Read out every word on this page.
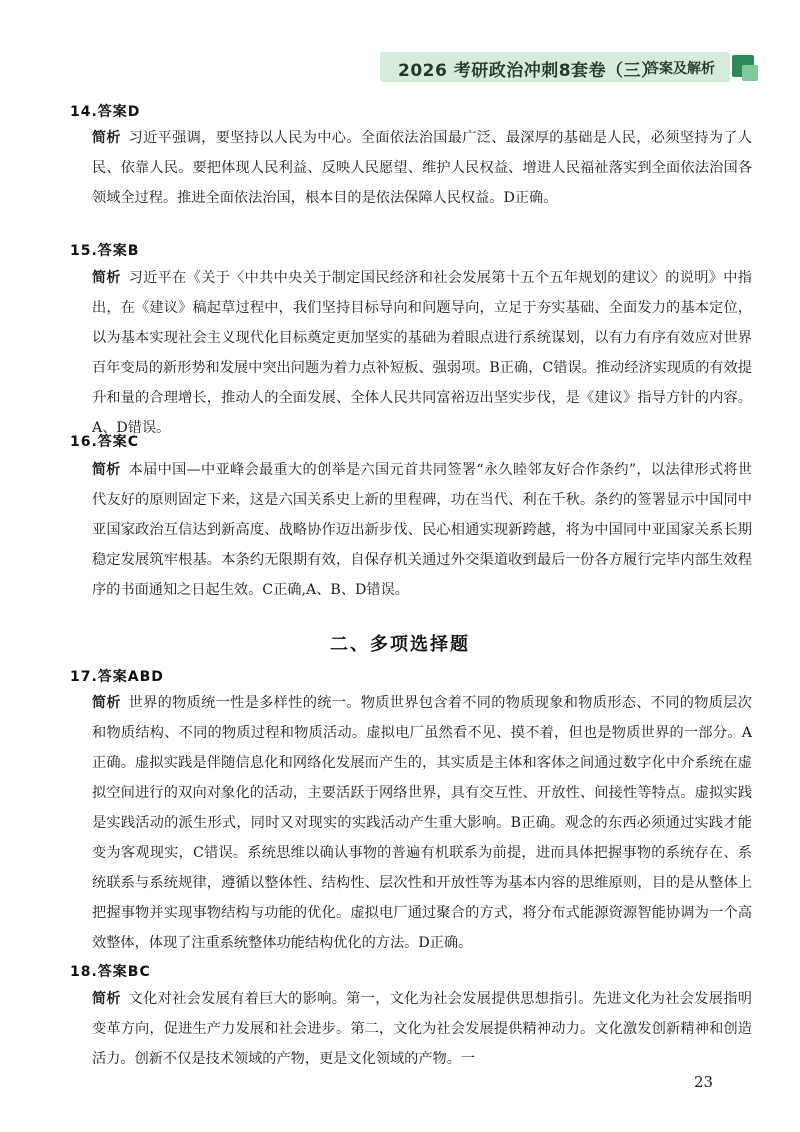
2026 考研政治冲刺8套卷（三）
答案及解析
14.答案D
简析 习近平强调，要坚持以人民为中心。全面依法治国最广泛、最深厚的基础是人民，必须坚持为了人民、依靠人民。要把体现人民利益、反映人民愿望、维护人民权益、增进人民福祉落实到全面依法治国各领域全过程。推进全面依法治国，根本目的是依法保障人民权益。D正确。
15.答案B
简析 习近平在《关于〈中共中央关于制定国民经济和社会发展第十五个五年规划的建议〉的说明》中指出，在《建议》稿起草过程中，我们坚持目标导向和问题导向，立足于夯实基础、全面发力的基本定位，以为基本实现社会主义现代化目标奠定更加坚实的基础为着眼点进行系统谋划，以有力有序有效应对世界百年变局的新形势和发展中突出问题为着力点补短板、强弱项。B正确，C错误。推动经济实现质的有效提升和量的合理增长，推动人的全面发展、全体人民共同富裕迈出坚实步伐，是《建议》指导方针的内容。A、D错误。
16.答案C
简析 本届中国—中亚峰会最重大的创举是六国元首共同签署“永久睦邻友好合作条约”，以法律形式将世代友好的原则固定下来，这是六国关系史上新的里程碑，功在当代、利在千秋。条约的签署显示中国同中亚国家政治互信达到新高度、战略协作迈出新步伐、民心相通实现新跨越，将为中国同中亚国家关系长期稳定发展筑牢根基。本条约无限期有效，自保存机关通过外交渠道收到最后一份各方履行完毕内部生效程序的书面通知之日起生效。C正确,A、B、D错误。
二、多项选择题
17.答案ABD
简析 世界的物质统一性是多样性的统一。物质世界包含着不同的物质现象和物质形态、不同的物质层次和物质结构、不同的物质过程和物质活动。虚拟电厂虽然看不见、摸不着，但也是物质世界的一部分。A正确。虚拟实践是伴随信息化和网络化发展而产生的，其实质是主体和客体之间通过数字化中介系统在虚拟空间进行的双向对象化的活动，主要活跃于网络世界，具有交互性、开放性、间接性等特点。虚拟实践是实践活动的派生形式，同时又对现实的实践活动产生重大影响。B正确。观念的东西必须通过实践才能变为客观现实，C错误。系统思维以确认事物的普遍有机联系为前提，进而具体把握事物的系统存在、系统联系与系统规律，遵循以整体性、结构性、层次性和开放性等为基本内容的思维原则，目的是从整体上把握事物并实现事物结构与功能的优化。虚拟电厂通过聚合的方式，将分布式能源资源智能协调为一个高效整体，体现了注重系统整体功能结构优化的方法。D正确。
18.答案BC
简析 文化对社会发展有着巨大的影响。第一，文化为社会发展提供思想指引。先进文化为社会发展指明变革方向，促进生产力发展和社会进步。第二，文化为社会发展提供精神动力。文化激发创新精神和创造活力。创新不仅是技术领域的产物，更是文化领域的产物。一
23
